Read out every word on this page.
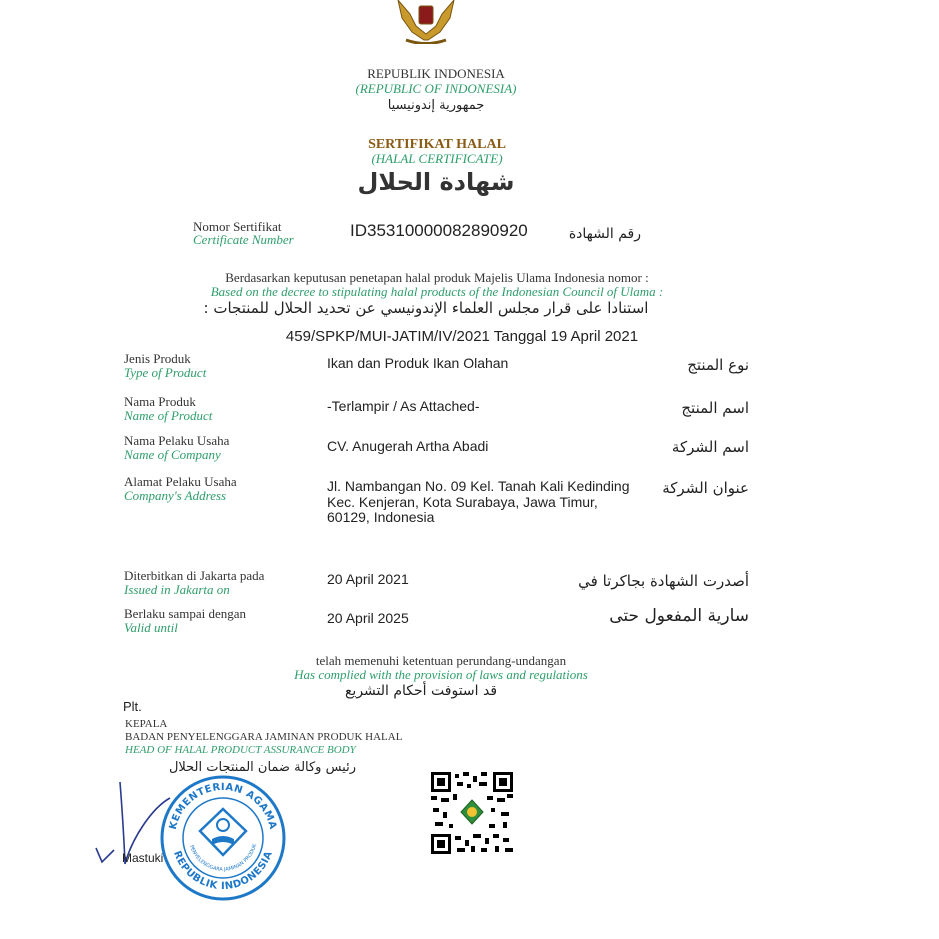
REPUBLIK INDONESIA
(REPUBLIC OF INDONESIA)
جمهورية إندونيسيا
SERTIFIKAT HALAL
(HALAL CERTIFICATE)
شهادة الحلال
Nomor Sertifikat
Certificate Number	ID35310000082890920	رقم الشهادة
Berdasarkan keputusan penetapan halal produk Majelis Ulama Indonesia nomor :
Based on the decree to stipulating halal products of the Indonesian Council of Ulama :
استنادا على قرار مجلس العلماء الإندونيسي عن تحديد الحلال للمنتجات :
459/SPKP/MUI-JATIM/IV/2021 Tanggal 19 April 2021
Jenis Produk
Type of Product
Ikan dan Produk Ikan Olahan	نوع المنتج
Nama Produk
Name of Product
-Terlampir / As Attached-	اسم المنتج
Nama Pelaku Usaha
Name of Company
CV. Anugerah Artha Abadi	اسم الشركة
Alamat Pelaku Usaha
Company's Address
Jl. Nambangan No. 09 Kel. Tanah Kali Kedinding
Kec. Kenjeran, Kota Surabaya, Jawa Timur,
60129, Indonesia
عنوان الشركة
Diterbitkan di Jakarta pada
Issued in Jakarta on
20 April 2021	أصدرت الشهادة بجاكرتا في
Berlaku sampai dengan
Valid until
20 April 2025	سارية المفعول حتى
telah memenuhi ketentuan perundang-undangan
Has complied with the provision of laws and regulations
قد استوفت أحكام التشريع
Plt.
KEPALA
BADAN PENYELENGGARA JAMINAN PRODUK HALAL
HEAD OF HALAL PRODUCT ASSURANCE BODY
رئيس وكالة ضمان المنتجات الحلال
Mastuki
KEMENTERIAN AGAMA
REPUBLIK INDONESIA
PENYELENGGARA JAMINAN PRODUK
